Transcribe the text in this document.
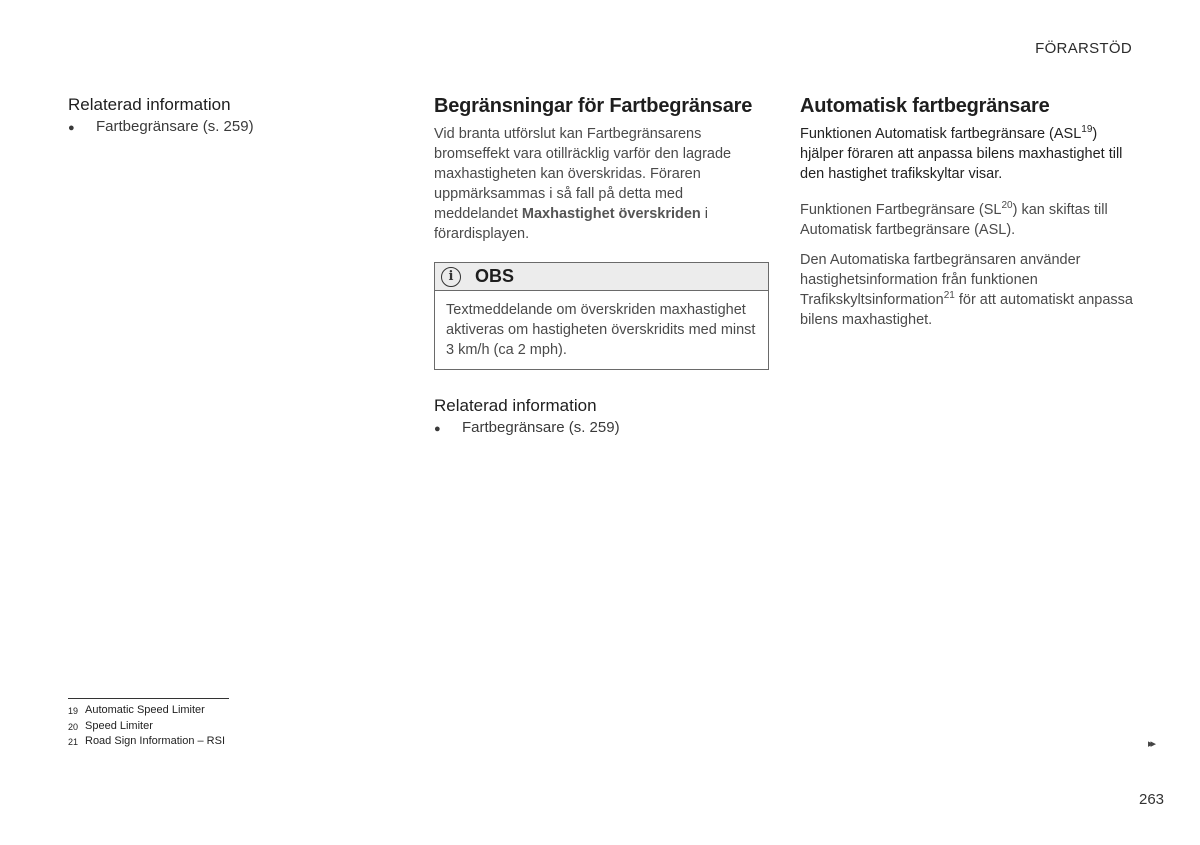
FÖRARSTÖD
Relaterad information
●	Fartbegränsare (s. 259)
Begränsningar för Fartbegränsare

Vid branta utförslut kan Fartbegränsarens bromseffekt vara otillräcklig varför den lagrade maxhastigheten kan överskridas. Föraren uppmärksammas i så fall på detta med meddelandet Maxhastighet överskriden i förardisplayen.

i	OBS
Textmeddelande om överskriden maxhastighet aktiveras om hastigheten överskridits med minst 3 km/h (ca 2 mph).
Relaterad information
●	Fartbegränsare (s. 259)
Automatisk fartbegränsare

Funktionen Automatisk fartbegränsare (ASL$^{19}$) hjälper föraren att anpassa bilens maxhastighet till den hastighet trafikskyltar visar.

Funktionen Fartbegränsare (SL$^{20}$) kan skiftas till Automatisk fartbegränsare (ASL).

Den Automatiska fartbegränsaren använder hastighetsinformation från funktionen Trafikskyltsinformation$^{21}$ för att automatiskt anpassa bilens maxhastighet.

19 Automatic Speed Limiter
20 Speed Limiter
21 Road Sign Information – RSI	▸▸
263
